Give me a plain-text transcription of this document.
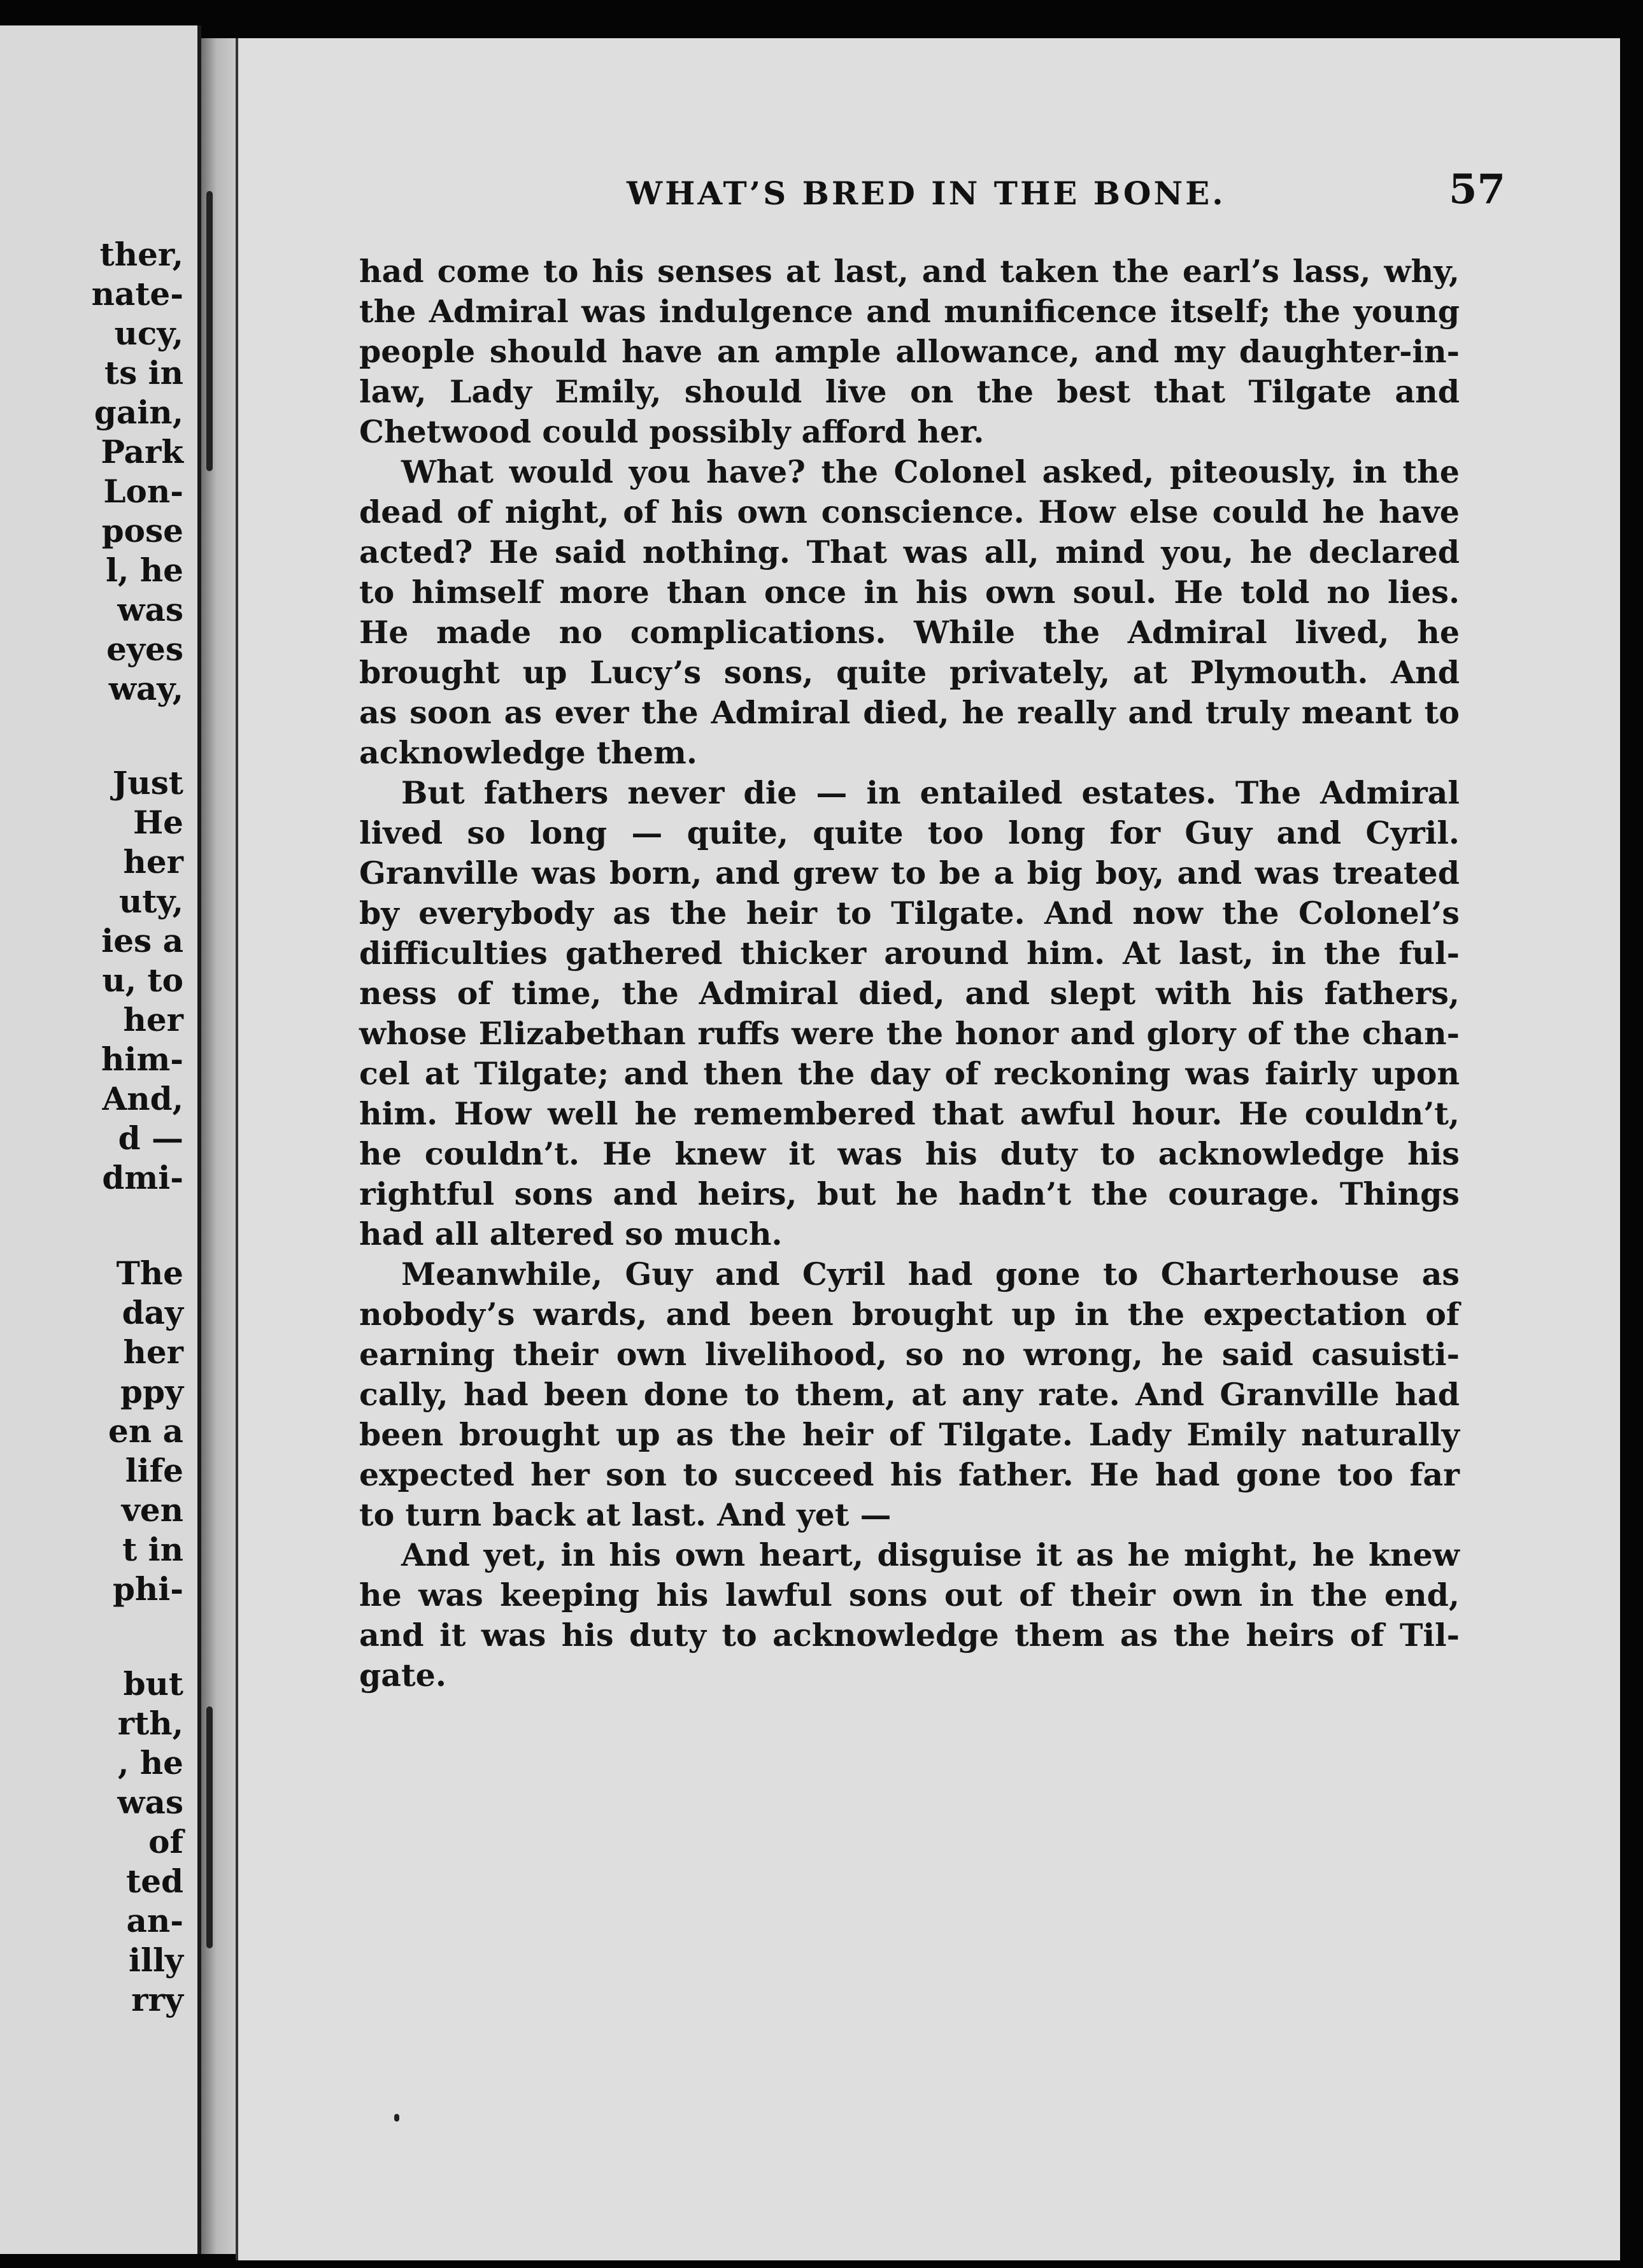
ther,
nate-
ucy,
ts in
gain,
Park
Lon-
pose
l, he
was
eyes
way,
Just
He
her
uty,
ies a
u, to
her
him-
And,
d —
dmi-
The
day
her
ppy
en a
life
ven
t in
phi-
but
rth,
, he
was
of
ted
an-
illy
rry
WHAT’S BRED IN THE BONE.	57
had come to his senses at last, and taken the earl’s lass, why,
the Admiral was indulgence and munificence itself; the young
people should have an ample allowance, and my daughter-in-
law, Lady Emily, should live on the best that Tilgate and
Chetwood could possibly afford her.
What would you have? the Colonel asked, piteously, in the
dead of night, of his own conscience. How else could he have
acted? He said nothing. That was all, mind you, he declared
to himself more than once in his own soul. He told no lies.
He made no complications. While the Admiral lived, he
brought up Lucy’s sons, quite privately, at Plymouth. And
as soon as ever the Admiral died, he really and truly meant to
acknowledge them.
But fathers never die — in entailed estates. The Admiral
lived so long — quite, quite too long for Guy and Cyril.
Granville was born, and grew to be a big boy, and was treated
by everybody as the heir to Tilgate. And now the Colonel’s
difficulties gathered thicker around him. At last, in the ful-
ness of time, the Admiral died, and slept with his fathers,
whose Elizabethan ruffs were the honor and glory of the chan-
cel at Tilgate; and then the day of reckoning was fairly upon
him. How well he remembered that awful hour. He couldn’t,
he couldn’t. He knew it was his duty to acknowledge his
rightful sons and heirs, but he hadn’t the courage. Things
had all altered so much.
Meanwhile, Guy and Cyril had gone to Charterhouse as
nobody’s wards, and been brought up in the expectation of
earning their own livelihood, so no wrong, he said casuisti-
cally, had been done to them, at any rate. And Granville had
been brought up as the heir of Tilgate. Lady Emily naturally
expected her son to succeed his father. He had gone too far
to turn back at last. And yet —
And yet, in his own heart, disguise it as he might, he knew
he was keeping his lawful sons out of their own in the end,
and it was his duty to acknowledge them as the heirs of Til-
gate.
